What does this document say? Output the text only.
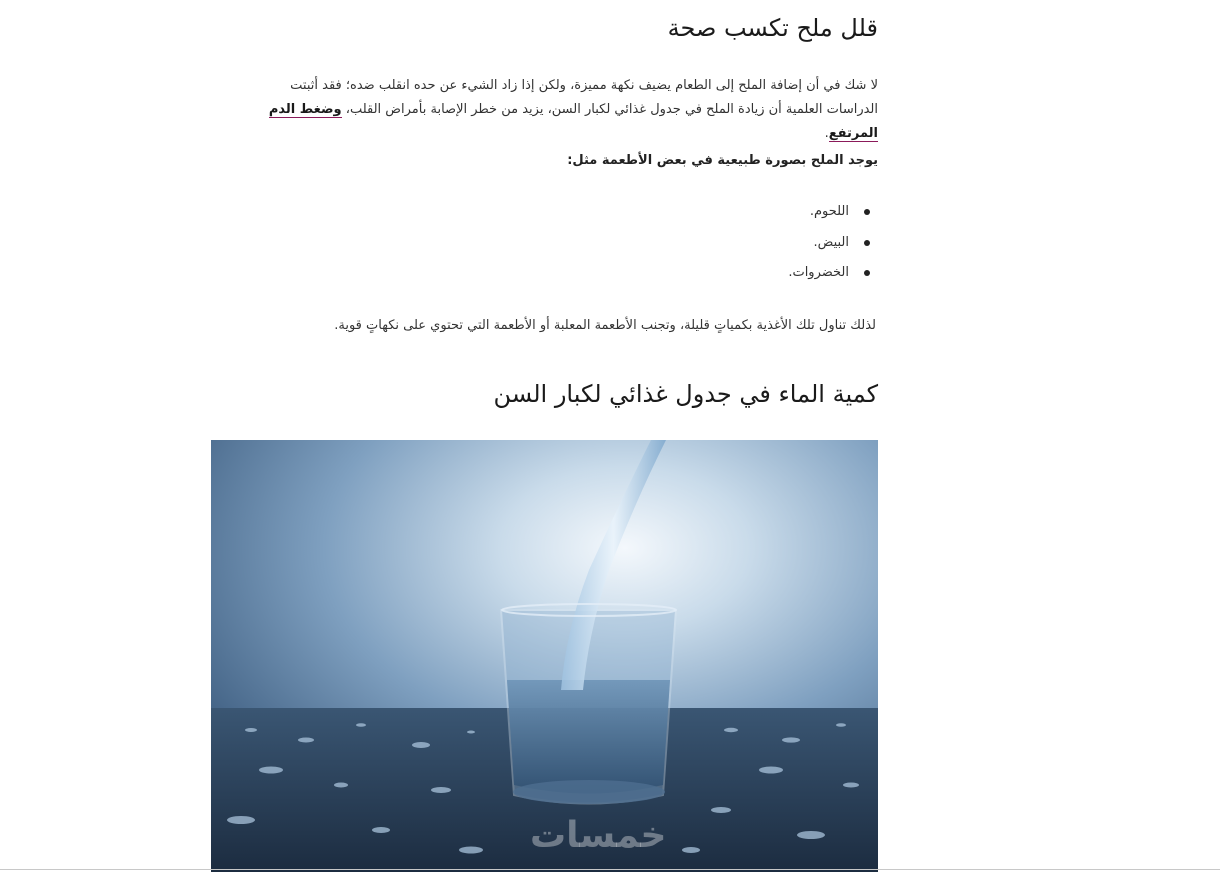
قلل ملح تكسب صحة

لا شك في أن إضافة الملح إلى الطعام يضيف نكهة مميزة، ولكن إذا زاد الشيء عن حده انقلب ضده؛ فقد أثبتت الدراسات العلمية أن زيادة الملح في جدول غذائي لكبار السن، يزيد من خطر الإصابة بأمراض القلب، وضغط الدم المرتفع.

يوجد الملح بصورة طبيعية في بعض الأطعمة مثل:

اللحوم.
البيض.
الخضروات.

لذلك تناول تلك الأغذية بكمياتٍ قليلة، وتجنب الأطعمة المعلبة أو الأطعمة التي تحتوي على نكهاتٍ قوية.

كمية الماء في جدول غذائي لكبار السن
خمسات
